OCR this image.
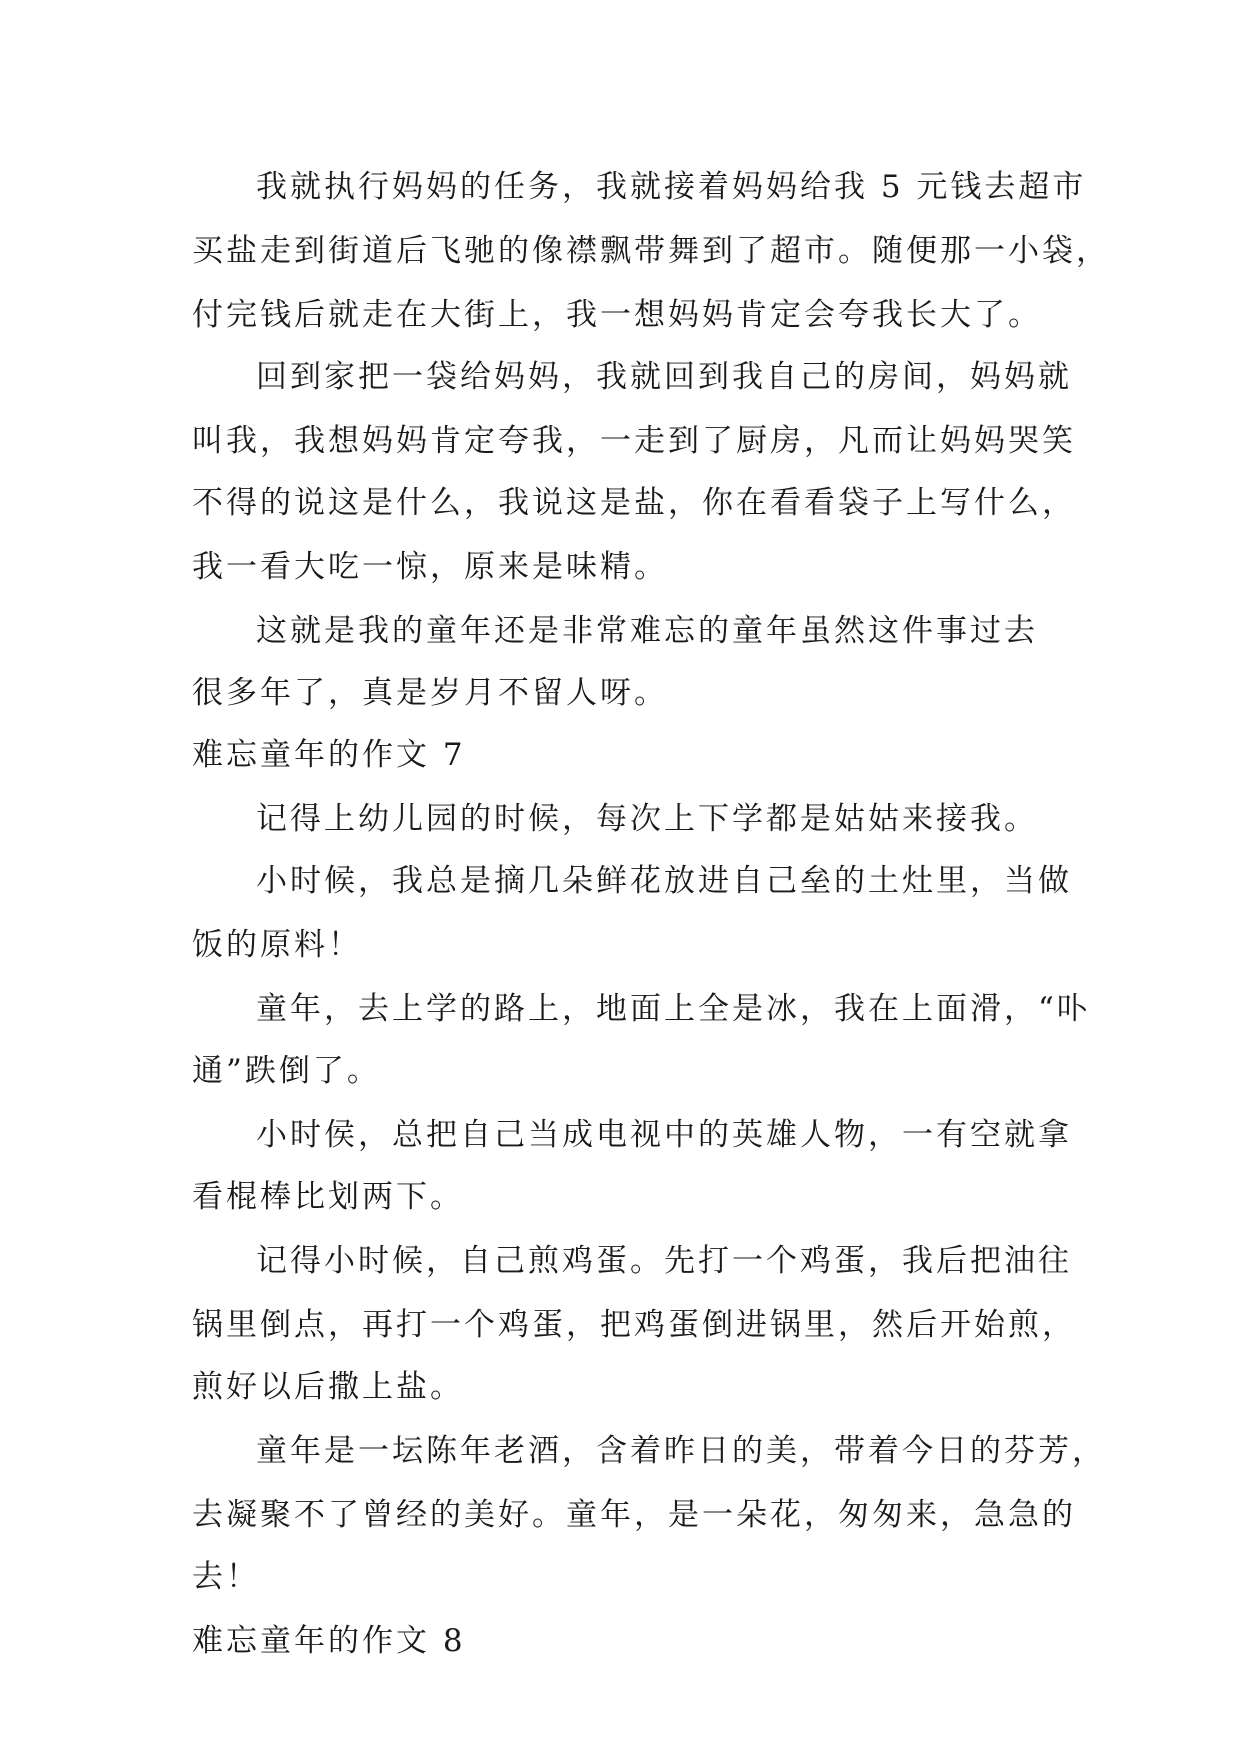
我就执行妈妈的任务，我就接着妈妈给我 5 元钱去超市
买盐走到街道后飞驰的像襟飘带舞到了超市。随便那一小袋，
付完钱后就走在大街上，我一想妈妈肯定会夸我长大了。
回到家把一袋给妈妈，我就回到我自己的房间，妈妈就
叫我，我想妈妈肯定夸我，一走到了厨房，凡而让妈妈哭笑
不得的说这是什么，我说这是盐，你在看看袋子上写什么，
我一看大吃一惊，原来是味精。
这就是我的童年还是非常难忘的童年虽然这件事过去
很多年了，真是岁月不留人呀。
难忘童年的作文 7
记得上幼儿园的时候，每次上下学都是姑姑来接我。
小时候，我总是摘几朵鲜花放进自己垒的土灶里，当做
饭的原料！
童年，去上学的路上，地面上全是冰，我在上面滑，“卟
通”跌倒了。
小时侯，总把自己当成电视中的英雄人物，一有空就拿
看棍棒比划两下。
记得小时候，自己煎鸡蛋。先打一个鸡蛋，我后把油往
锅里倒点，再打一个鸡蛋，把鸡蛋倒进锅里，然后开始煎，
煎好以后撒上盐。
童年是一坛陈年老酒，含着昨日的美，带着今日的芬芳，
去凝聚不了曾经的美好。童年，是一朵花，匆匆来，急急的
去！
难忘童年的作文 8
